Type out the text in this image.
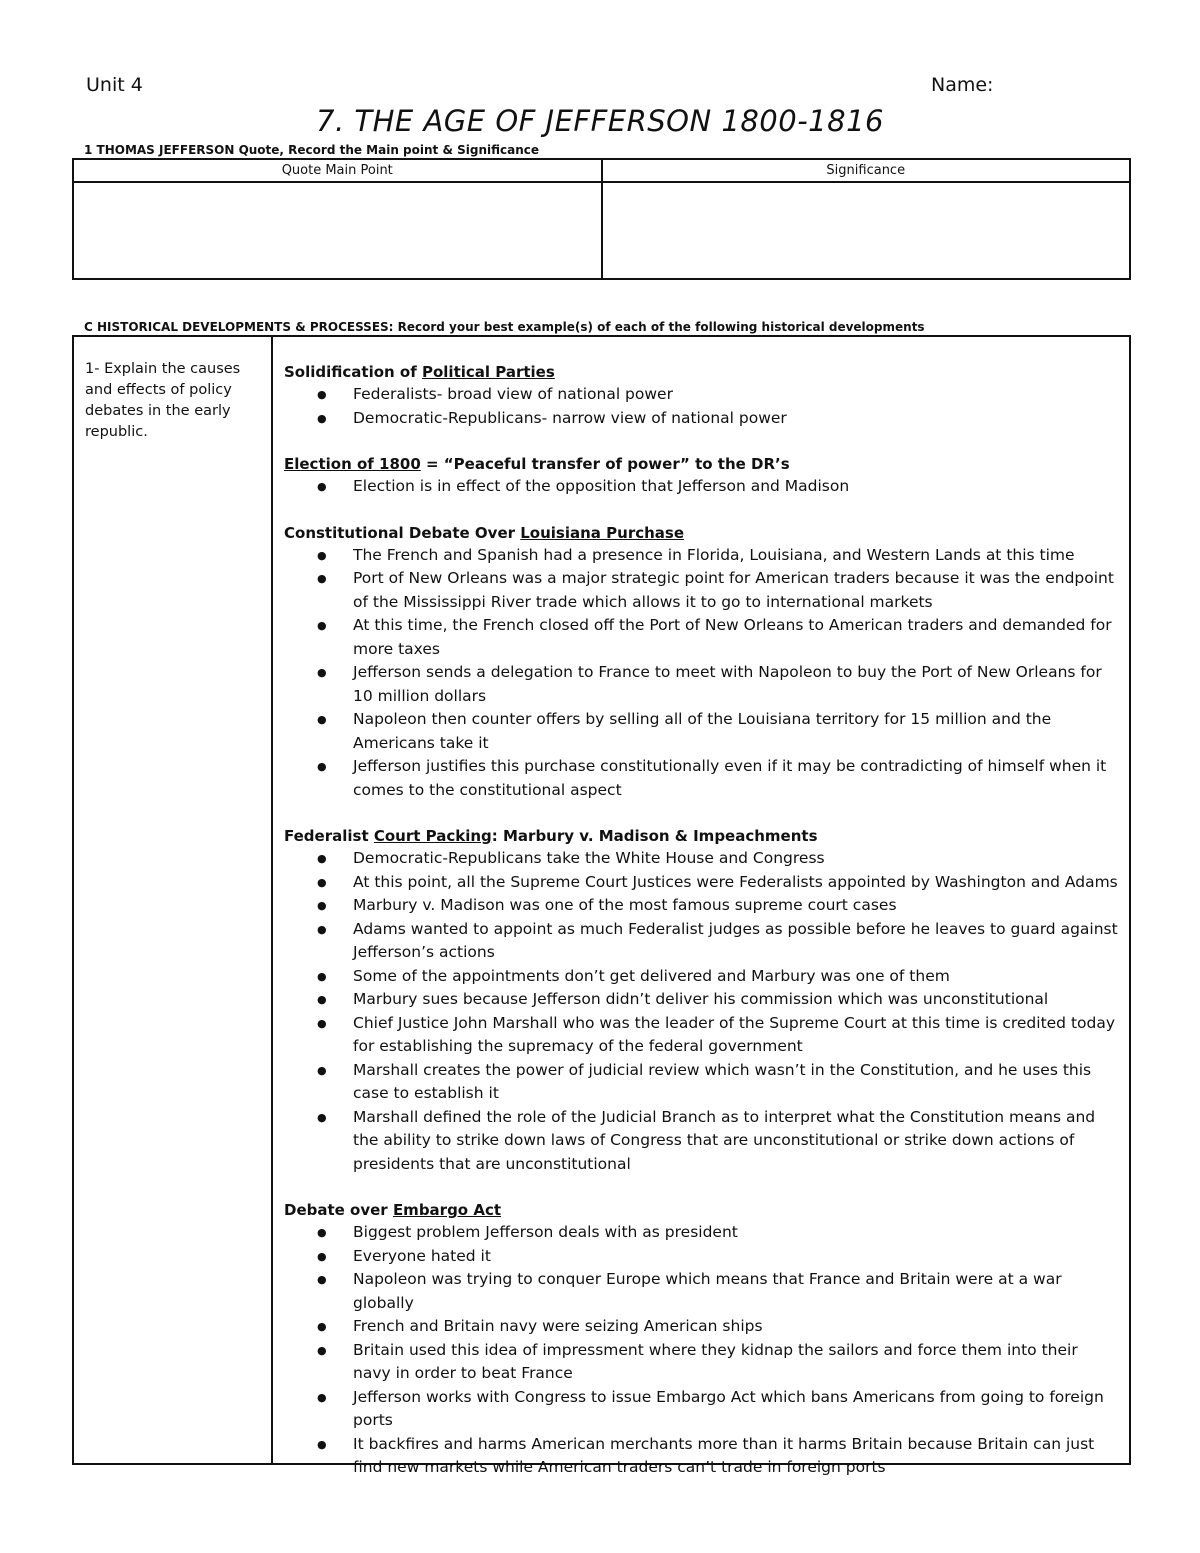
Unit 4	Name:
7. THE AGE OF JEFFERSON 1800-1816
1 THOMAS JEFFERSON Quote, Record the Main point & Significance
Quote Main Point	Significance

C HISTORICAL DEVELOPMENTS & PROCESSES: Record your best example(s) of each of the following historical developments
1- Explain the causes and effects of policy debates in the early republic.
Solidification of Political Parties
● Federalists- broad view of national power
● Democratic-Republicans- narrow view of national power
Election of 1800 = “Peaceful transfer of power” to the DR’s
● Election is in effect of the opposition that Jefferson and Madison
Constitutional Debate Over Louisiana Purchase
● The French and Spanish had a presence in Florida, Louisiana, and Western Lands at this time
● Port of New Orleans was a major strategic point for American traders because it was the endpoint of the Mississippi River trade which allows it to go to international markets
● At this time, the French closed off the Port of New Orleans to American traders and demanded for more taxes
● Jefferson sends a delegation to France to meet with Napoleon to buy the Port of New Orleans for 10 million dollars
● Napoleon then counter offers by selling all of the Louisiana territory for 15 million and the Americans take it
● Jefferson justifies this purchase constitutionally even if it may be contradicting of himself when it comes to the constitutional aspect
Federalist Court Packing: Marbury v. Madison & Impeachments
● Democratic-Republicans take the White House and Congress
● At this point, all the Supreme Court Justices were Federalists appointed by Washington and Adams
● Marbury v. Madison was one of the most famous supreme court cases
● Adams wanted to appoint as much Federalist judges as possible before he leaves to guard against Jefferson’s actions
● Some of the appointments don’t get delivered and Marbury was one of them
● Marbury sues because Jefferson didn’t deliver his commission which was unconstitutional
● Chief Justice John Marshall who was the leader of the Supreme Court at this time is credited today for establishing the supremacy of the federal government
● Marshall creates the power of judicial review which wasn’t in the Constitution, and he uses this case to establish it
● Marshall defined the role of the Judicial Branch as to interpret what the Constitution means and the ability to strike down laws of Congress that are unconstitutional or strike down actions of presidents that are unconstitutional
Debate over Embargo Act
● Biggest problem Jefferson deals with as president
● Everyone hated it
● Napoleon was trying to conquer Europe which means that France and Britain were at a war globally
● French and Britain navy were seizing American ships
● Britain used this idea of impressment where they kidnap the sailors and force them into their navy in order to beat France
● Jefferson works with Congress to issue Embargo Act which bans Americans from going to foreign ports
● It backfires and harms American merchants more than it harms Britain because Britain can just find new markets while American traders can’t trade in foreign ports
